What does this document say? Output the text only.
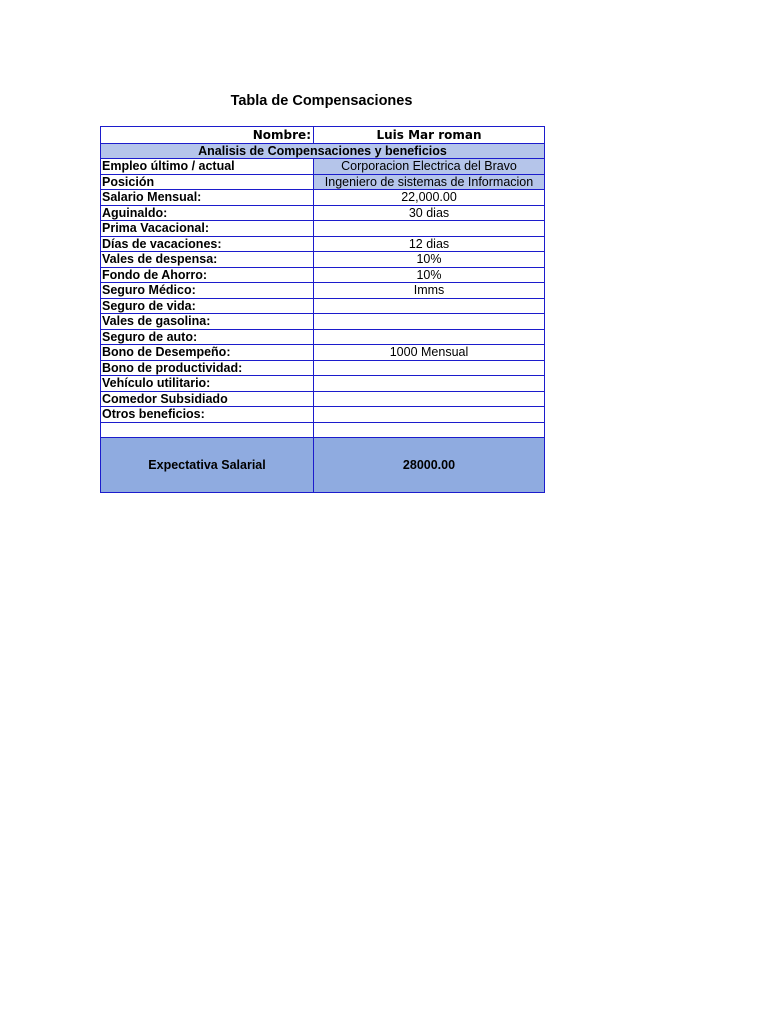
Tabla de Compensaciones
Nombre:	Luis Mar roman
Analisis de Compensaciones y beneficios	
Empleo último / actual	Corporacion Electrica del Bravo
Posición	Ingeniero de sistemas de Informacion
Salario Mensual:	22,000.00
Aguinaldo:	30 dias
Prima Vacacional:	
Días de vacaciones:	12 dias
Vales de despensa:	10%
Fondo de Ahorro:	10%
Seguro Médico:	Imms
Seguro de vida:	
Vales de gasolina:	
Seguro de auto:	
Bono de Desempeño:	1000 Mensual
Bono de productividad:	
Vehículo utilitario:	
Comedor Subsidiado	
Otros beneficios:	

Expectativa Salarial	28000.00
